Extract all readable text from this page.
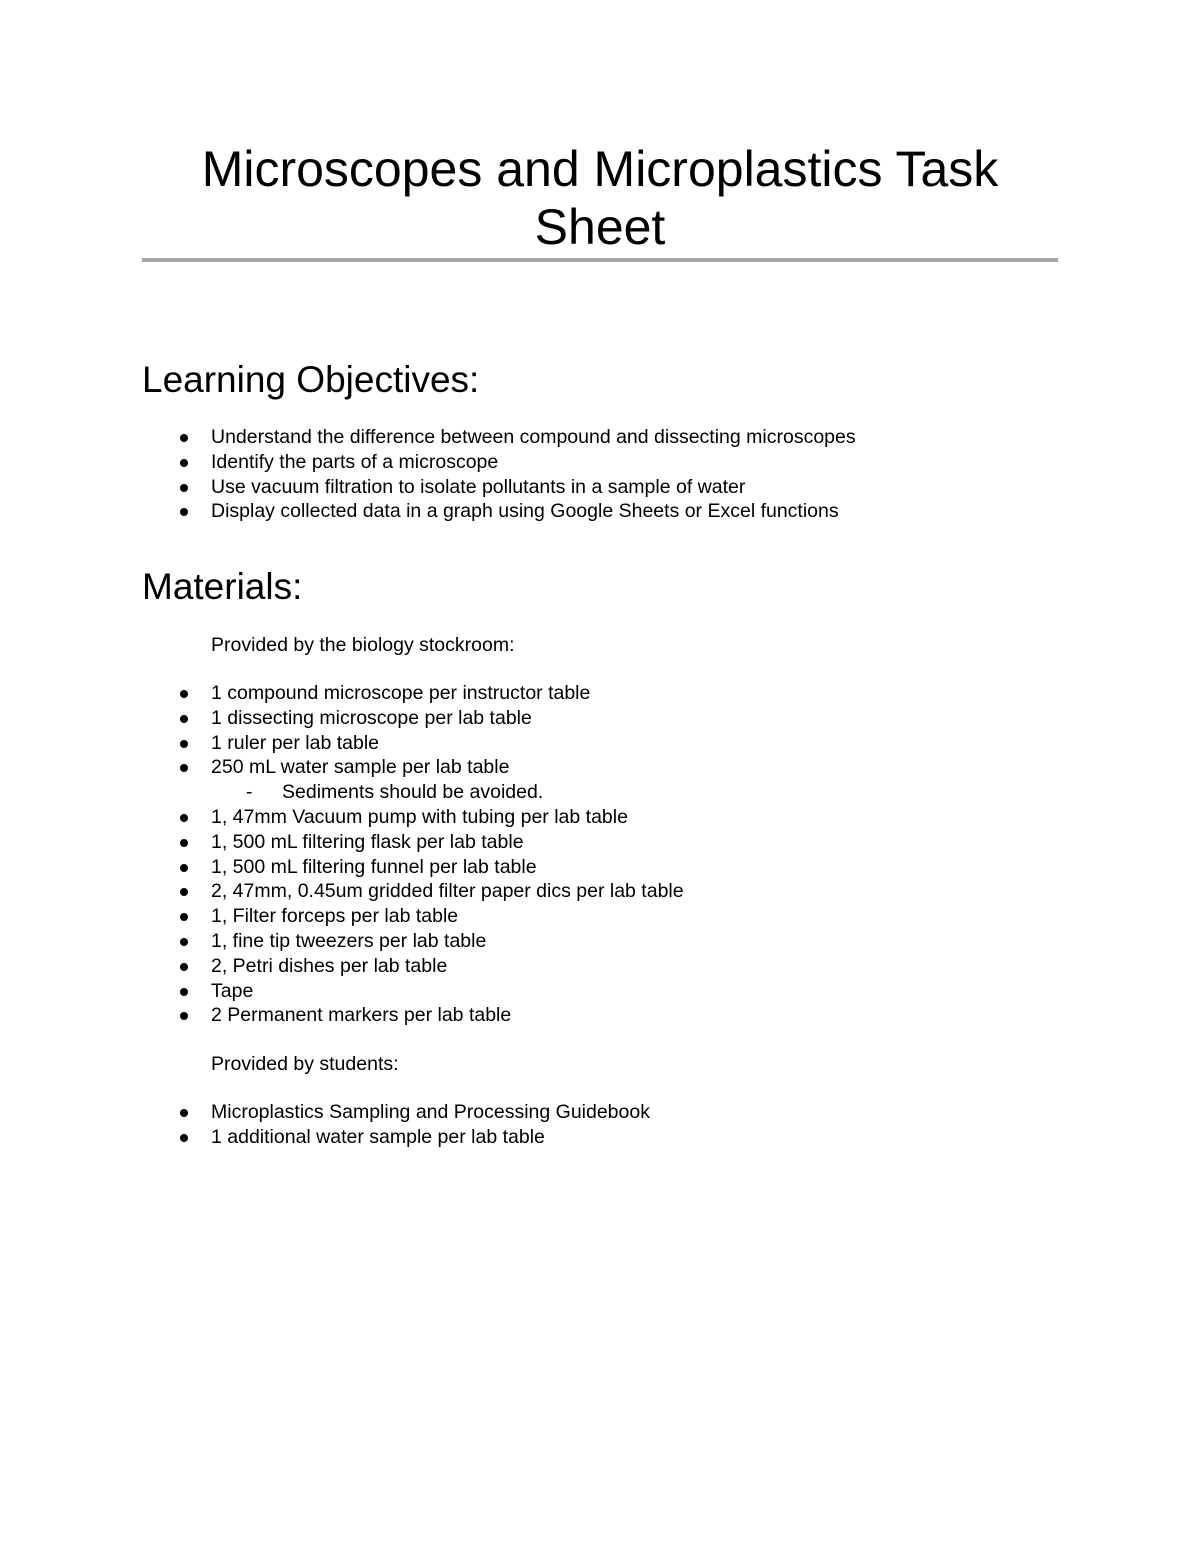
Microscopes and Microplastics Task Sheet
Learning Objectives:
Understand the difference between compound and dissecting microscopes
Identify the parts of a microscope
Use vacuum filtration to isolate pollutants in a sample of water
Display collected data in a graph using Google Sheets or Excel functions
Materials:
Provided by the biology stockroom:
1 compound microscope per instructor table
1 dissecting microscope per lab table
1 ruler per lab table
250 mL water sample per lab table
- Sediments should be avoided.
1, 47mm Vacuum pump with tubing per lab table
1, 500 mL filtering flask per lab table
1, 500 mL filtering funnel per lab table
2, 47mm, 0.45um gridded filter paper dics per lab table
1, Filter forceps per lab table
1, fine tip tweezers per lab table
2, Petri dishes per lab table
Tape
2 Permanent markers per lab table
Provided by students:
Microplastics Sampling and Processing Guidebook
1 additional water sample per lab table
